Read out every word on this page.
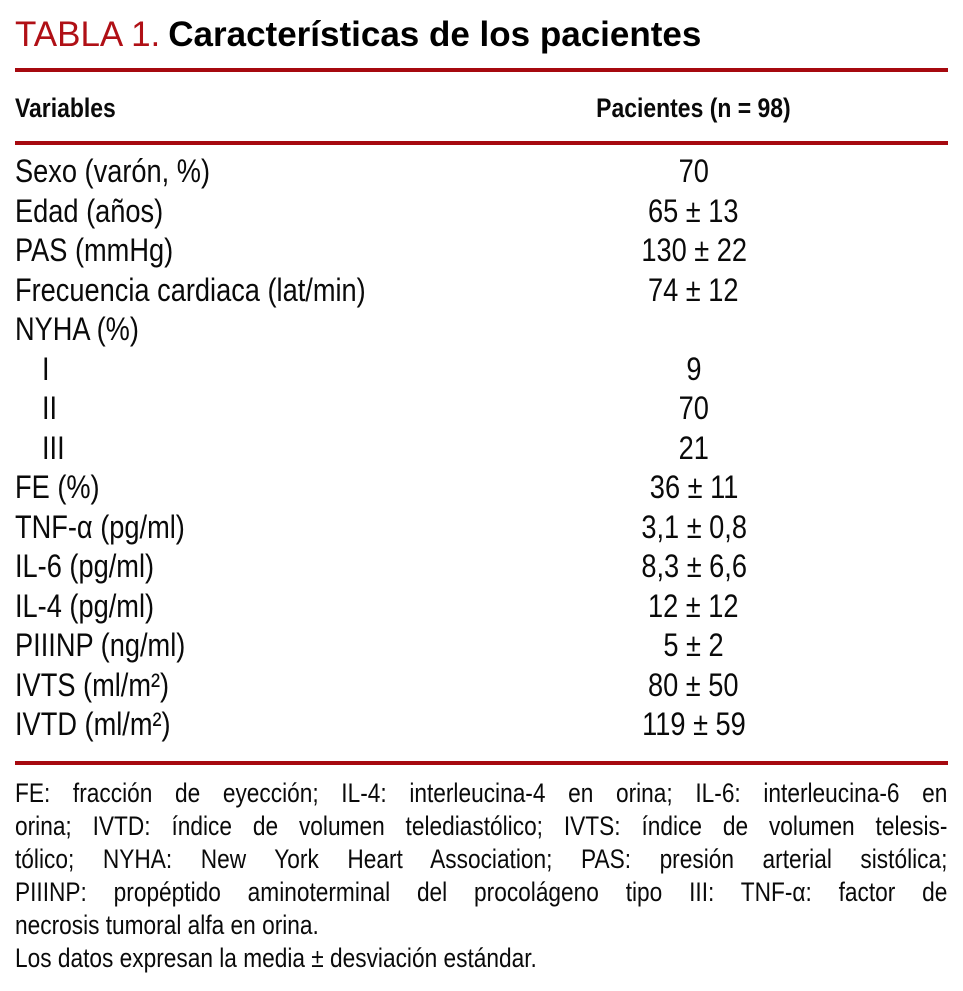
TABLA 1. Características de los pacientes
Variables	Pacientes (n = 98)
Sexo (varón, %)	70
Edad (años)	65 ± 13
PAS (mmHg)	130 ± 22
Frecuencia cardiaca (lat/min)	74 ± 12
NYHA (%)	
I	9
II	70
III	21
FE (%)	36 ± 11
TNF-α (pg/ml)	3,1 ± 0,8
IL-6 (pg/ml)	8,3 ± 6,6
IL-4 (pg/ml)	12 ± 12
PIIINP (ng/ml)	5 ± 2
IVTS (ml/m²)	80 ± 50
IVTD (ml/m²)	119 ± 59
FE: fracción de eyección; IL-4: interleucina-4 en orina; IL-6: interleucina-6 en
orina; IVTD: índice de volumen telediastólico; IVTS: índice de volumen telesis-
tólico; NYHA: New York Heart Association; PAS: presión arterial sistólica;
PIIINP: propéptido aminoterminal del procolágeno tipo III: TNF-α: factor de
necrosis tumoral alfa en orina.
Los datos expresan la media ± desviación estándar.
